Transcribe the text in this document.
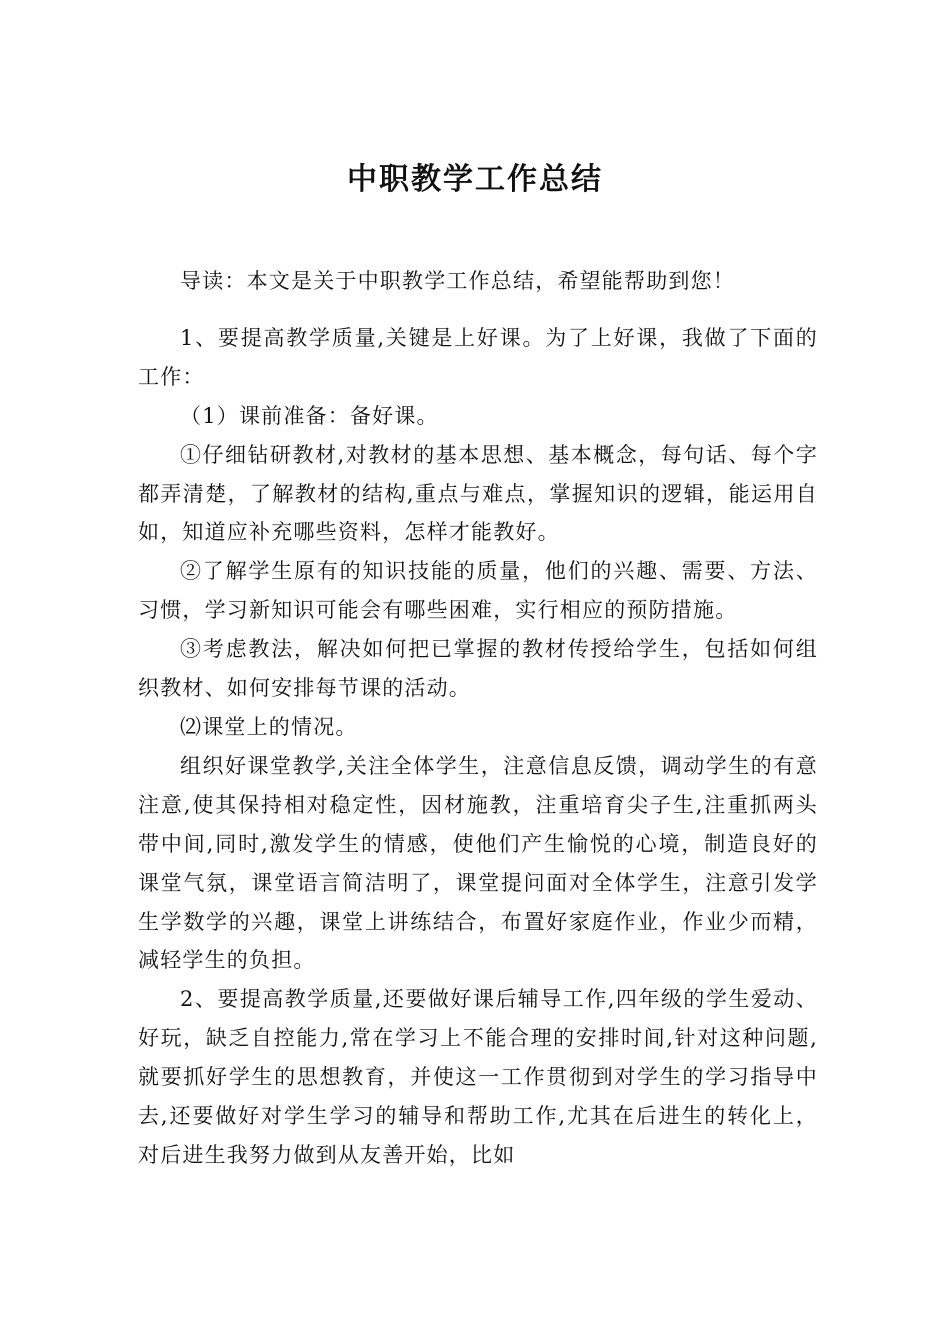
中职教学工作总结

导读：本文是关于中职教学工作总结，希望能帮助到您！

1、要提高教学质量,关键是上好课。为了上好课，我做了下面的工作：

（1）课前准备：备好课。

①仔细钻研教材,对教材的基本思想、基本概念，每句话、每个字都弄清楚，了解教材的结构,重点与难点，掌握知识的逻辑，能运用自如，知道应补充哪些资料，怎样才能教好。

②了解学生原有的知识技能的质量，他们的兴趣、需要、方法、习惯，学习新知识可能会有哪些困难，实行相应的预防措施。

③考虑教法，解决如何把已掌握的教材传授给学生，包括如何组织教材、如何安排每节课的活动。

⑵课堂上的情况。

组织好课堂教学,关注全体学生，注意信息反馈，调动学生的有意注意,使其保持相对稳定性，因材施教，注重培育尖子生,注重抓两头带中间,同时,激发学生的情感，使他们产生愉悦的心境，制造良好的课堂气氛，课堂语言简洁明了，课堂提问面对全体学生，注意引发学生学数学的兴趣，课堂上讲练结合，布置好家庭作业，作业少而精，减轻学生的负担。

2、要提高教学质量,还要做好课后辅导工作,四年级的学生爱动、好玩，缺乏自控能力,常在学习上不能合理的安排时间,针对这种问题,就要抓好学生的思想教育，并使这一工作贯彻到对学生的学习指导中去,还要做好对学生学习的辅导和帮助工作,尤其在后进生的转化上，对后进生我努力做到从友善开始，比如
